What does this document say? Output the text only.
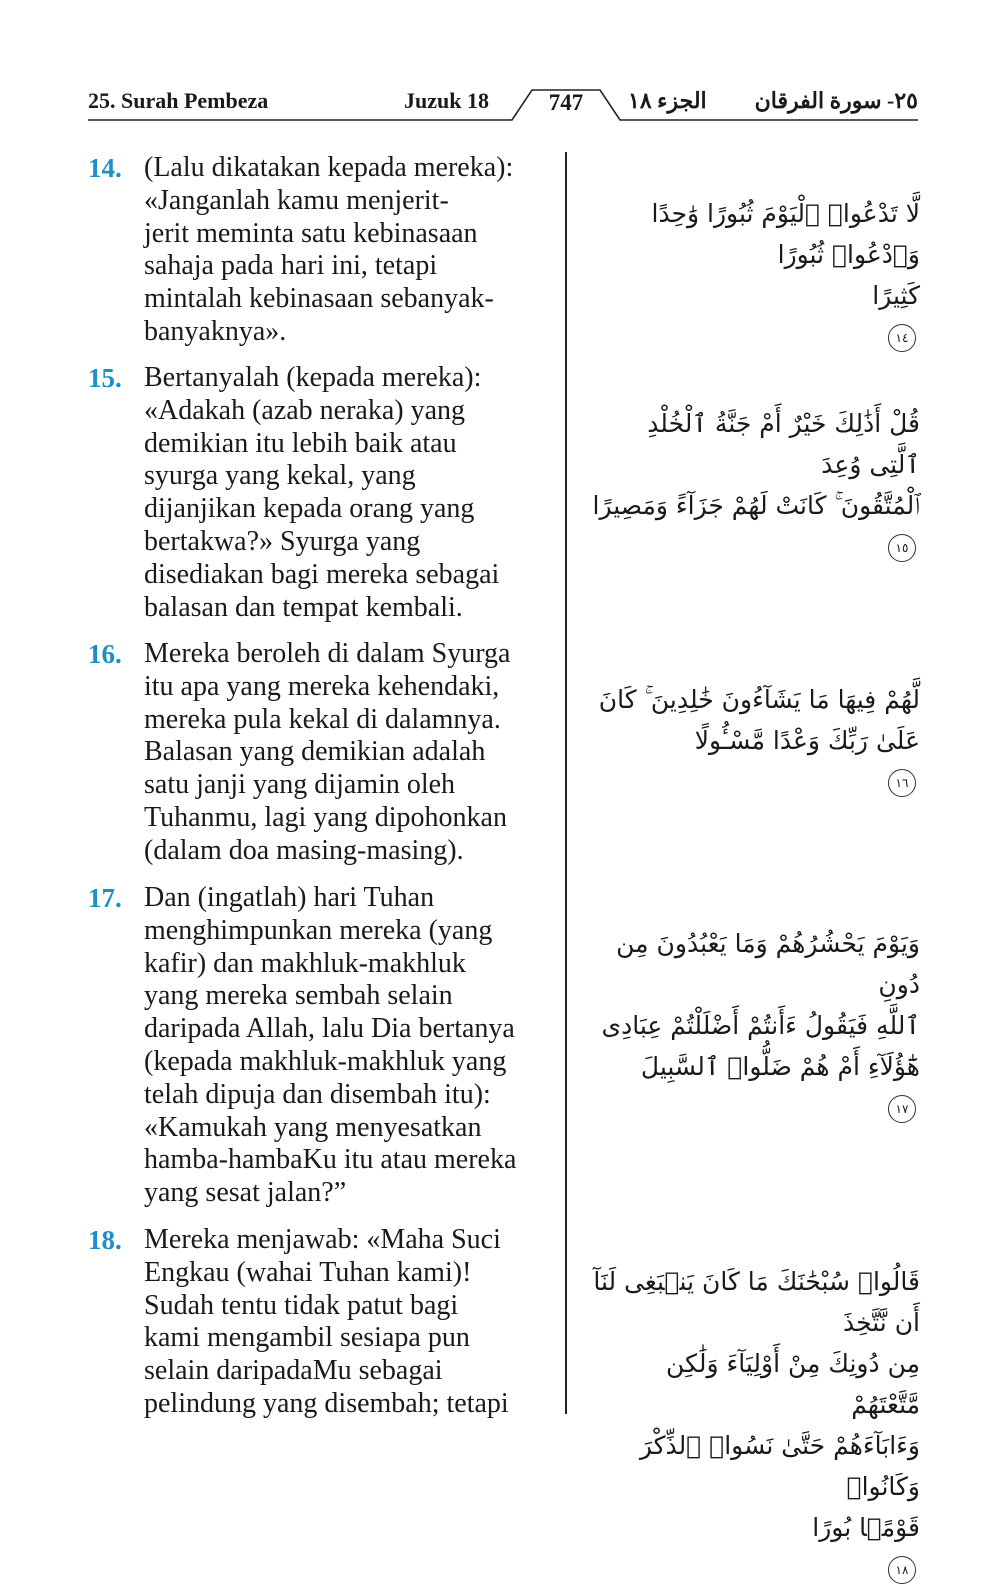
25. Surah Pembeza	Juzuk 18	747	الجزء ١٨ ٢٥- سورة الفرقان
14. (Lalu dikatakan kepada mereka):
«Janganlah kamu menjerit-
jerit meminta satu kebinasaan
sahaja pada hari ini, tetapi
mintalah kebinasaan sebanyak-
banyaknya».

لَّا تَدْعُوا۟ ٱلْيَوْمَ ثُبُورًا وَٰحِدًا وَٱدْعُوا۟ ثُبُورًا
كَثِيرًا
١٤

15. Bertanyalah (kepada mereka):
«Adakah (azab neraka) yang
demikian itu lebih baik atau
syurga yang kekal, yang
dijanjikan kepada orang yang
bertakwa?» Syurga yang
disediakan bagi mereka sebagai
balasan dan tempat kembali.

قُلْ أَذَٰلِكَ خَيْرٌ أَمْ جَنَّةُ ٱلْخُلْدِ ٱلَّتِى وُعِدَ
ٱلْمُتَّقُونَ ۚ كَانَتْ لَهُمْ جَزَآءً وَمَصِيرًا
١٥

16. Mereka beroleh di dalam Syurga
itu apa yang mereka kehendaki,
mereka pula kekal di dalamnya.
Balasan yang demikian adalah
satu janji yang dijamin oleh
Tuhanmu, lagi yang dipohonkan
(dalam doa masing-masing).

لَّهُمْ فِيهَا مَا يَشَآءُونَ خَٰلِدِينَ ۚ كَانَ
عَلَىٰ رَبِّكَ وَعْدًا مَّسْـُٔولًا
١٦

17. Dan (ingatlah) hari Tuhan
menghimpunkan mereka (yang
kafir) dan makhluk-makhluk
yang mereka sembah selain
daripada Allah, lalu Dia bertanya
(kepada makhluk-makhluk yang
telah dipuja dan disembah itu):
«Kamukah yang menyesatkan
hamba-hambaKu itu atau mereka
yang sesat jalan?”

وَيَوْمَ يَحْشُرُهُمْ وَمَا يَعْبُدُونَ مِن دُونِ
ٱللَّهِ فَيَقُولُ ءَأَنتُمْ أَضْلَلْتُمْ عِبَادِى
هَٰٓؤُلَآءِ أَمْ هُمْ ضَلُّوا۟ ٱلسَّبِيلَ
١٧

18. Mereka menjawab: «Maha Suci
Engkau (wahai Tuhan kami)!
Sudah tentu tidak patut bagi
kami mengambil sesiapa pun
selain daripadaMu sebagai
pelindung yang disembah; tetapi

قَالُوا۟ سُبْحَٰنَكَ مَا كَانَ يَنۢبَغِى لَنَآ أَن نَّتَّخِذَ
مِن دُونِكَ مِنْ أَوْلِيَآءَ وَلَٰكِن مَّتَّعْتَهُمْ
وَءَابَآءَهُمْ حَتَّىٰ نَسُوا۟ ٱلذِّكْرَ وَكَانُوا۟
قَوْمًۢا بُورًا
١٨
